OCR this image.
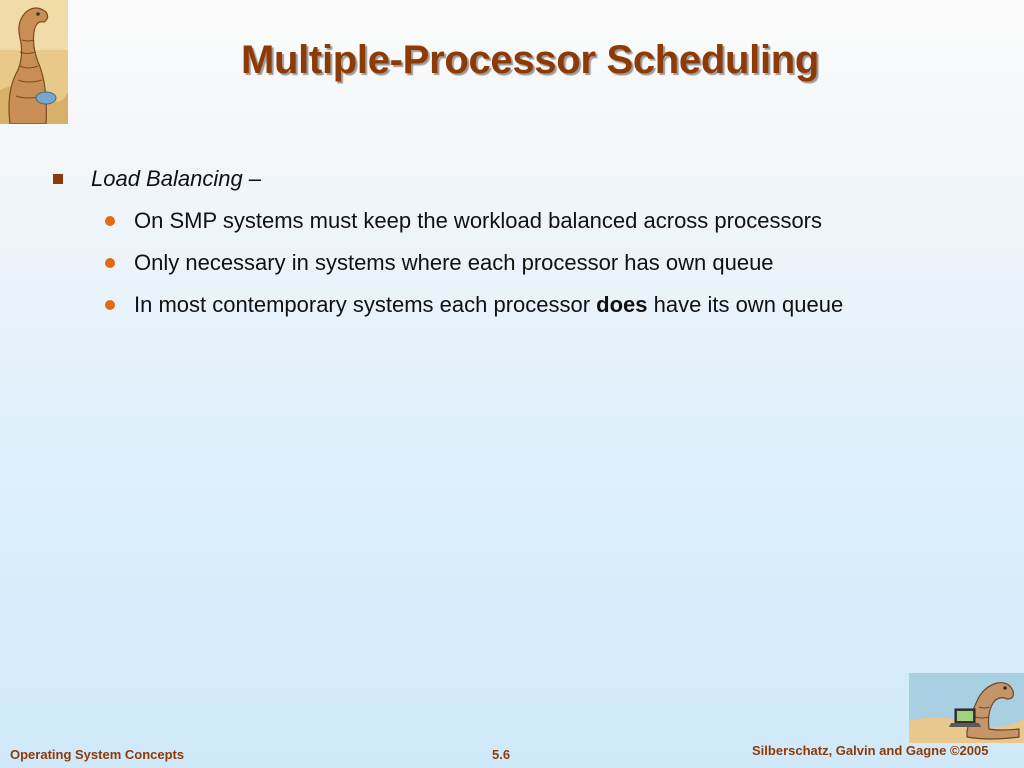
Multiple-Processor Scheduling
Load Balancing –
On SMP systems must keep the workload balanced across processors
Only necessary in systems where each processor has own queue
In most contemporary systems each processor does have its own queue
Operating System Concepts	5.6	Silberschatz, Galvin and Gagne ©2005
